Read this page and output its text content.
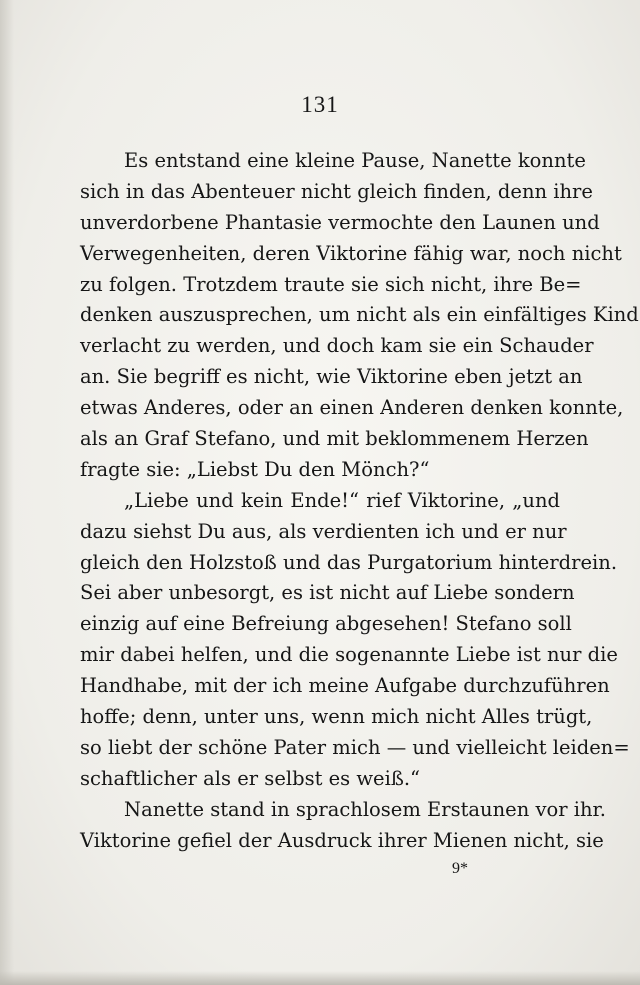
131
Es entstand eine kleine Pause, Nanette konnte
sich in das Abenteuer nicht gleich finden, denn ihre
unverdorbene Phantasie vermochte den Launen und
Verwegenheiten, deren Viktorine fähig war, noch nicht
zu folgen. Trotzdem traute sie sich nicht, ihre Be=
denken auszusprechen, um nicht als ein einfältiges Kind
verlacht zu werden, und doch kam sie ein Schauder
an. Sie begriff es nicht, wie Viktorine eben jetzt an
etwas Anderes, oder an einen Anderen denken konnte,
als an Graf Stefano, und mit beklommenem Herzen
fragte sie: „Liebst Du den Mönch?“
„Liebe und kein Ende!“ rief Viktorine, „und
dazu siehst Du aus, als verdienten ich und er nur
gleich den Holzstoß und das Purgatorium hinterdrein.
Sei aber unbesorgt, es ist nicht auf Liebe sondern
einzig auf eine Befreiung abgesehen! Stefano soll
mir dabei helfen, und die sogenannte Liebe ist nur die
Handhabe, mit der ich meine Aufgabe durchzuführen
hoffe; denn, unter uns, wenn mich nicht Alles trügt,
so liebt der schöne Pater mich — und vielleicht leiden=
schaftlicher als er selbst es weiß.“
Nanette stand in sprachlosem Erstaunen vor ihr.
Viktorine gefiel der Ausdruck ihrer Mienen nicht, sie
9*
